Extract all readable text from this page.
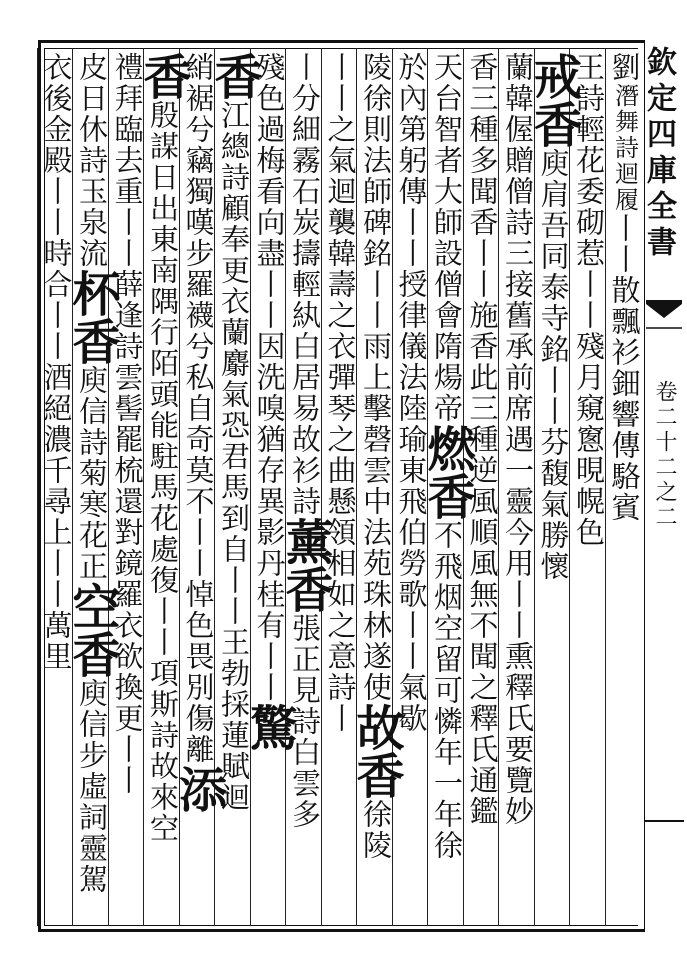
欽定四庫全書
卷二十二之二
劉潛舞詩迴履丨丨散飄衫鈿響傳駱賓
王詩輕花委砌惹丨丨殘月窺窻晛幌色
戒香庾肩吾同泰寺銘丨丨芬馥氣勝懷
蘭韓偓贈僧詩三接舊承前席遇一靈今用丨丨熏釋氏要覽妙
香三種多聞香丨丨施香此三種逆風順風無不聞之釋氏通鑑
天台智者大師設僧會隋煬帝燃香不飛烟空留可憐年一年徐
於內第躬傳丨丨授律儀法陸瑜東飛伯勞歌丨丨氣歇
陵徐則法師碑銘丨丨雨上擊磬雲中法苑珠林遂使故香徐陵
丨丨之氣迴襲韓壽之衣彈琴之曲懸領相如之意詩丨
丨分細霧石炭擣輕紈白居易故衫詩薰香張正見詩白雲多
殘色過梅看向盡丨丨因洗嗅猶存異影丹桂有丨丨驚
香江總詩顧奉更衣蘭麝氣恐君馬到自丨丨王勃採蓮賦迴
綃裾兮竊獨嘆步羅襪兮私自奇莫不丨丨悼色畏別傷離添
香殷謀日出東南隅行陌頭能駐馬花處復丨丨項斯詩故來空
禮拜臨去重丨丨薛逢詩雲髻罷梳還對鏡羅衣欲換更丨丨
皮日休詩玉泉流杯香庾信詩菊寒花正空香庾信步虛詞靈駕
衣後金殿丨丨時合丨丨酒絕濃千尋上丨丨萬里
